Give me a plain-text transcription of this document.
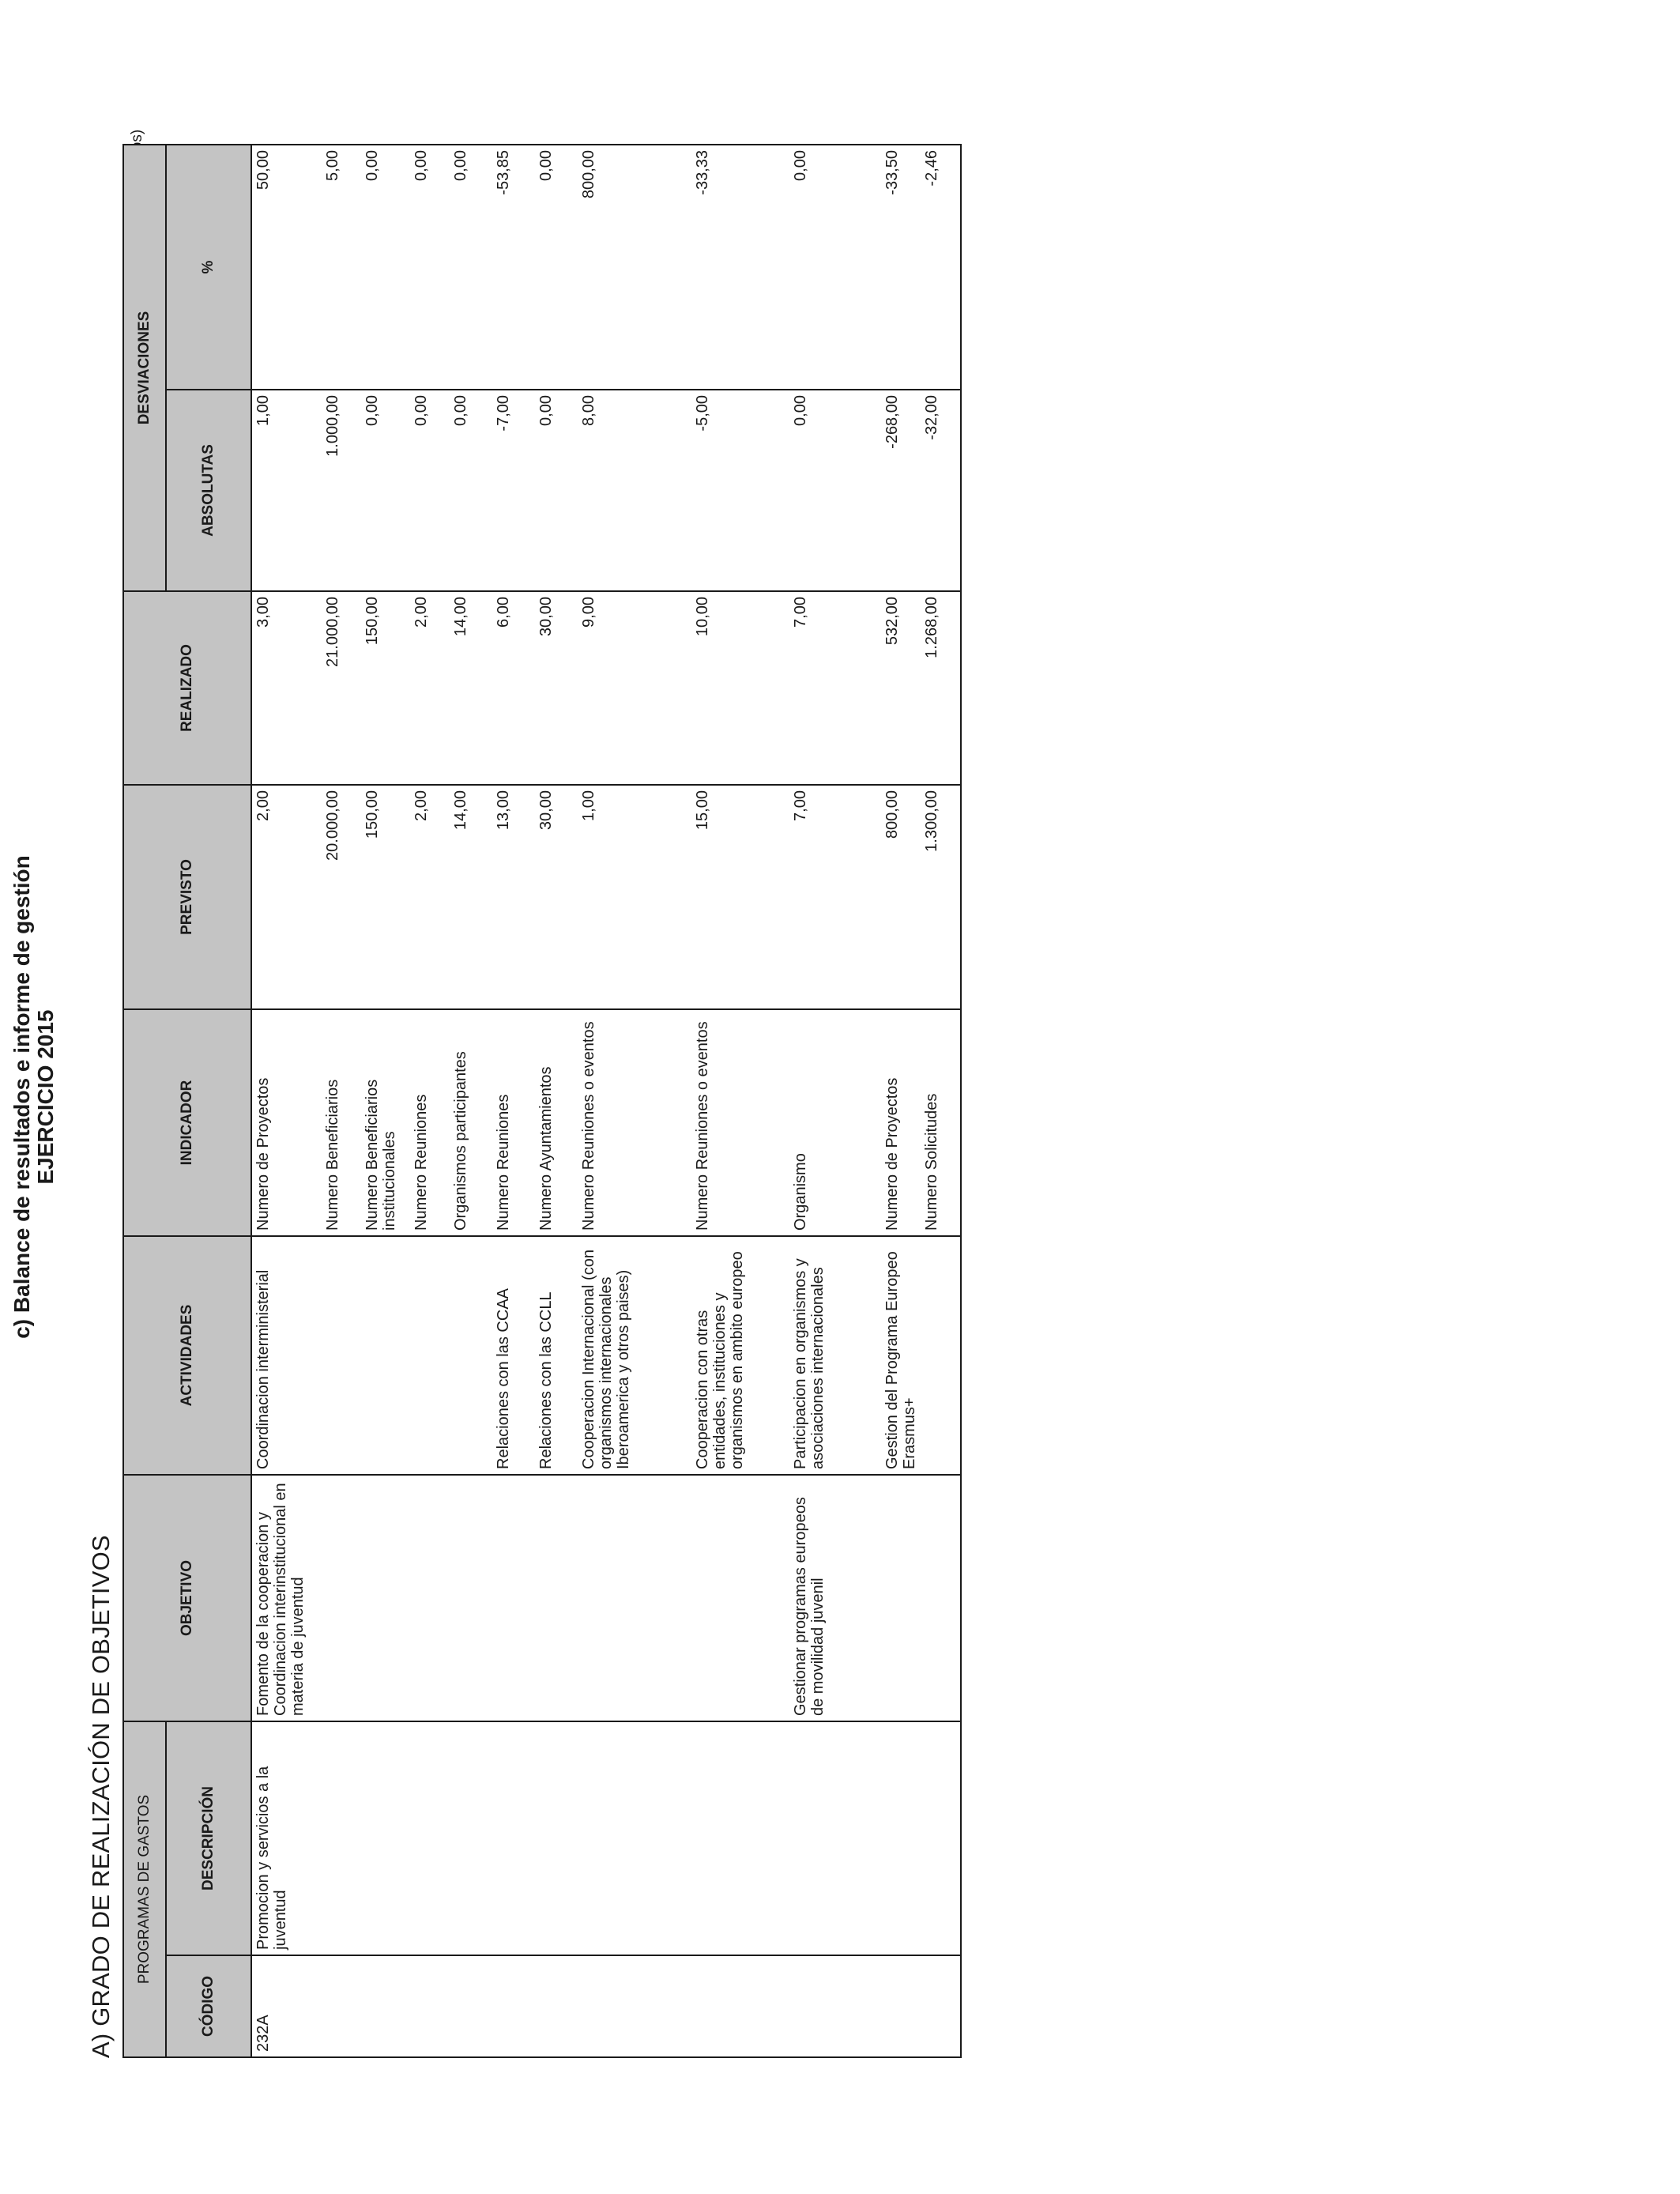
c) Balance de resultados e informe de gestión EJERCICIO 2015
A) GRADO DE REALIZACIÓN DE OBJETIVOS PROGRAMAS DE GASTOS		OBJETIVO	ACTIVIDADES	INDICADOR	PREVISTO	REALIZADO	DESVIACIONES	
CÓDIGO	DESCRIPCIÓN						ABSOLUTAS	%
232A	Promocion y servicios a la juventud	Fomento de la cooperacion y Coordinacion interinstitucional en materia de juventud	Coordinacion interministerial	Numero de Proyectos	2,00	3,00	1,00	50,00
				Numero Beneficiarios	20.000,00	21.000,00	1.000,00	5,00
				Numero Beneficiarios institucionales	150,00	150,00	0,00	0,00
				Numero Reuniones	2,00	2,00	0,00	0,00
				Organismos participantes	14,00	14,00	0,00	0,00
			Relaciones con las CCAA	Numero Reuniones	13,00	6,00	-7,00	-53,85
			Relaciones con las CCLL	Numero Ayuntamientos	30,00	30,00	0,00	0,00
			Cooperacion Internacional (con organismos internacionales Iberoamerica y otros paises)	Numero Reuniones o eventos	1,00	9,00	8,00	800,00
			Cooperacion con otras entidades, instituciones y organismos en ambito europeo	Numero Reuniones o eventos	15,00	10,00	-5,00	-33,33
		Gestionar programas europeos de movilidad juvenil	Participacion en organismos y asociaciones internacionales	Organismo	7,00	7,00	0,00	0,00
			Gestion del Programa Europeo Erasmus+	Numero de Proyectos	800,00	532,00	-268,00	-33,50
				Numero Solicitudes	1.300,00	1.268,00	-32,00	-2,46
